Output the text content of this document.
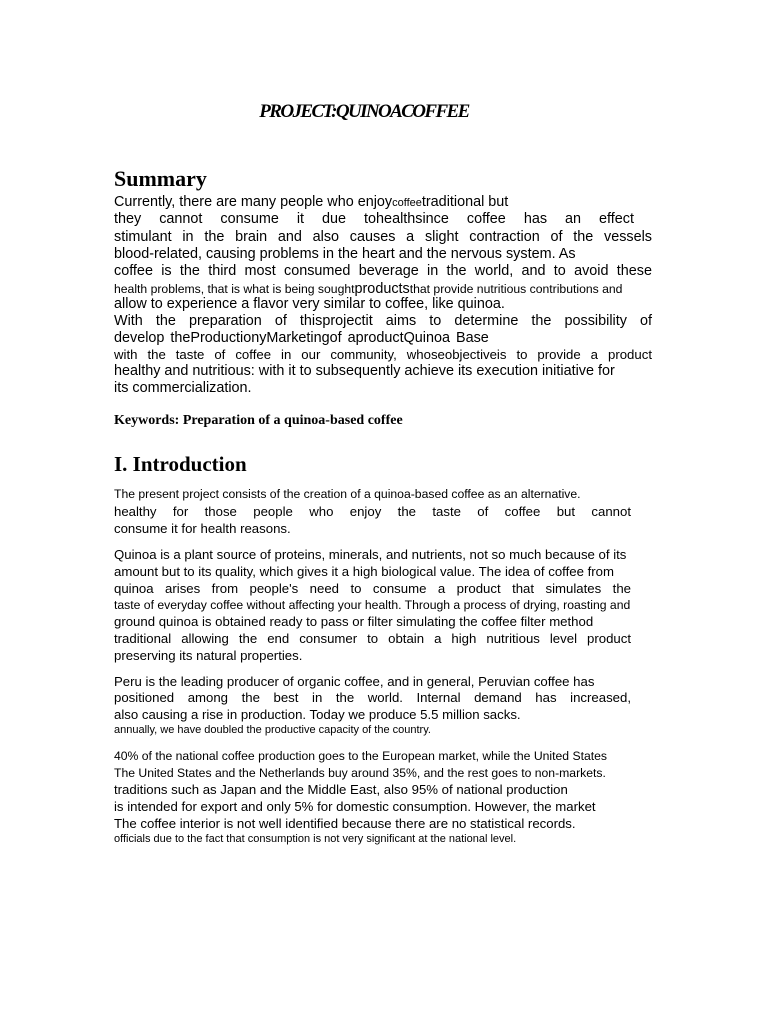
PROJECT:QUINOACOFFEE
Summary
Currently, there are many people who enjoycoffeetraditional but
they cannot consume it due tohealthsince coffee has an effect
stimulant in the brain and also causes a slight contraction of the vessels
blood-related, causing problems in the heart and the nervous system. As
coffee is the third most consumed beverage in the world, and to avoid these
health problems, that is what is being soughtproductsthat provide nutritious contributions and
allow to experience a flavor very similar to coffee, like quinoa.
With the preparation of thisprojectit aims to determine the possibility of
develop theProductionyMarketingof aproductQuinoa Base
with the taste of coffee in our community, whoseobjectiveis to provide a product
healthy and nutritious: with it to subsequently achieve its execution initiative for
its commercialization.
Keywords: Preparation of a quinoa-based coffee
I. Introduction
The present project consists of the creation of a quinoa-based coffee as an alternative.
healthy for those people who enjoy the taste of coffee but cannot
consume it for health reasons.
Quinoa is a plant source of proteins, minerals, and nutrients, not so much because of its
amount but to its quality, which gives it a high biological value. The idea of coffee from
quinoa arises from people's need to consume a product that simulates the
taste of everyday coffee without affecting your health. Through a process of drying, roasting and
ground quinoa is obtained ready to pass or filter simulating the coffee filter method
traditional allowing the end consumer to obtain a high nutritious level product
preserving its natural properties.
Peru is the leading producer of organic coffee, and in general, Peruvian coffee has
positioned among the best in the world. Internal demand has increased,
also causing a rise in production. Today we produce 5.5 million sacks.
annually, we have doubled the productive capacity of the country.
40% of the national coffee production goes to the European market, while the United States
The United States and the Netherlands buy around 35%, and the rest goes to non-markets.
traditions such as Japan and the Middle East, also 95% of national production
is intended for export and only 5% for domestic consumption. However, the market
The coffee interior is not well identified because there are no statistical records.
officials due to the fact that consumption is not very significant at the national level.
